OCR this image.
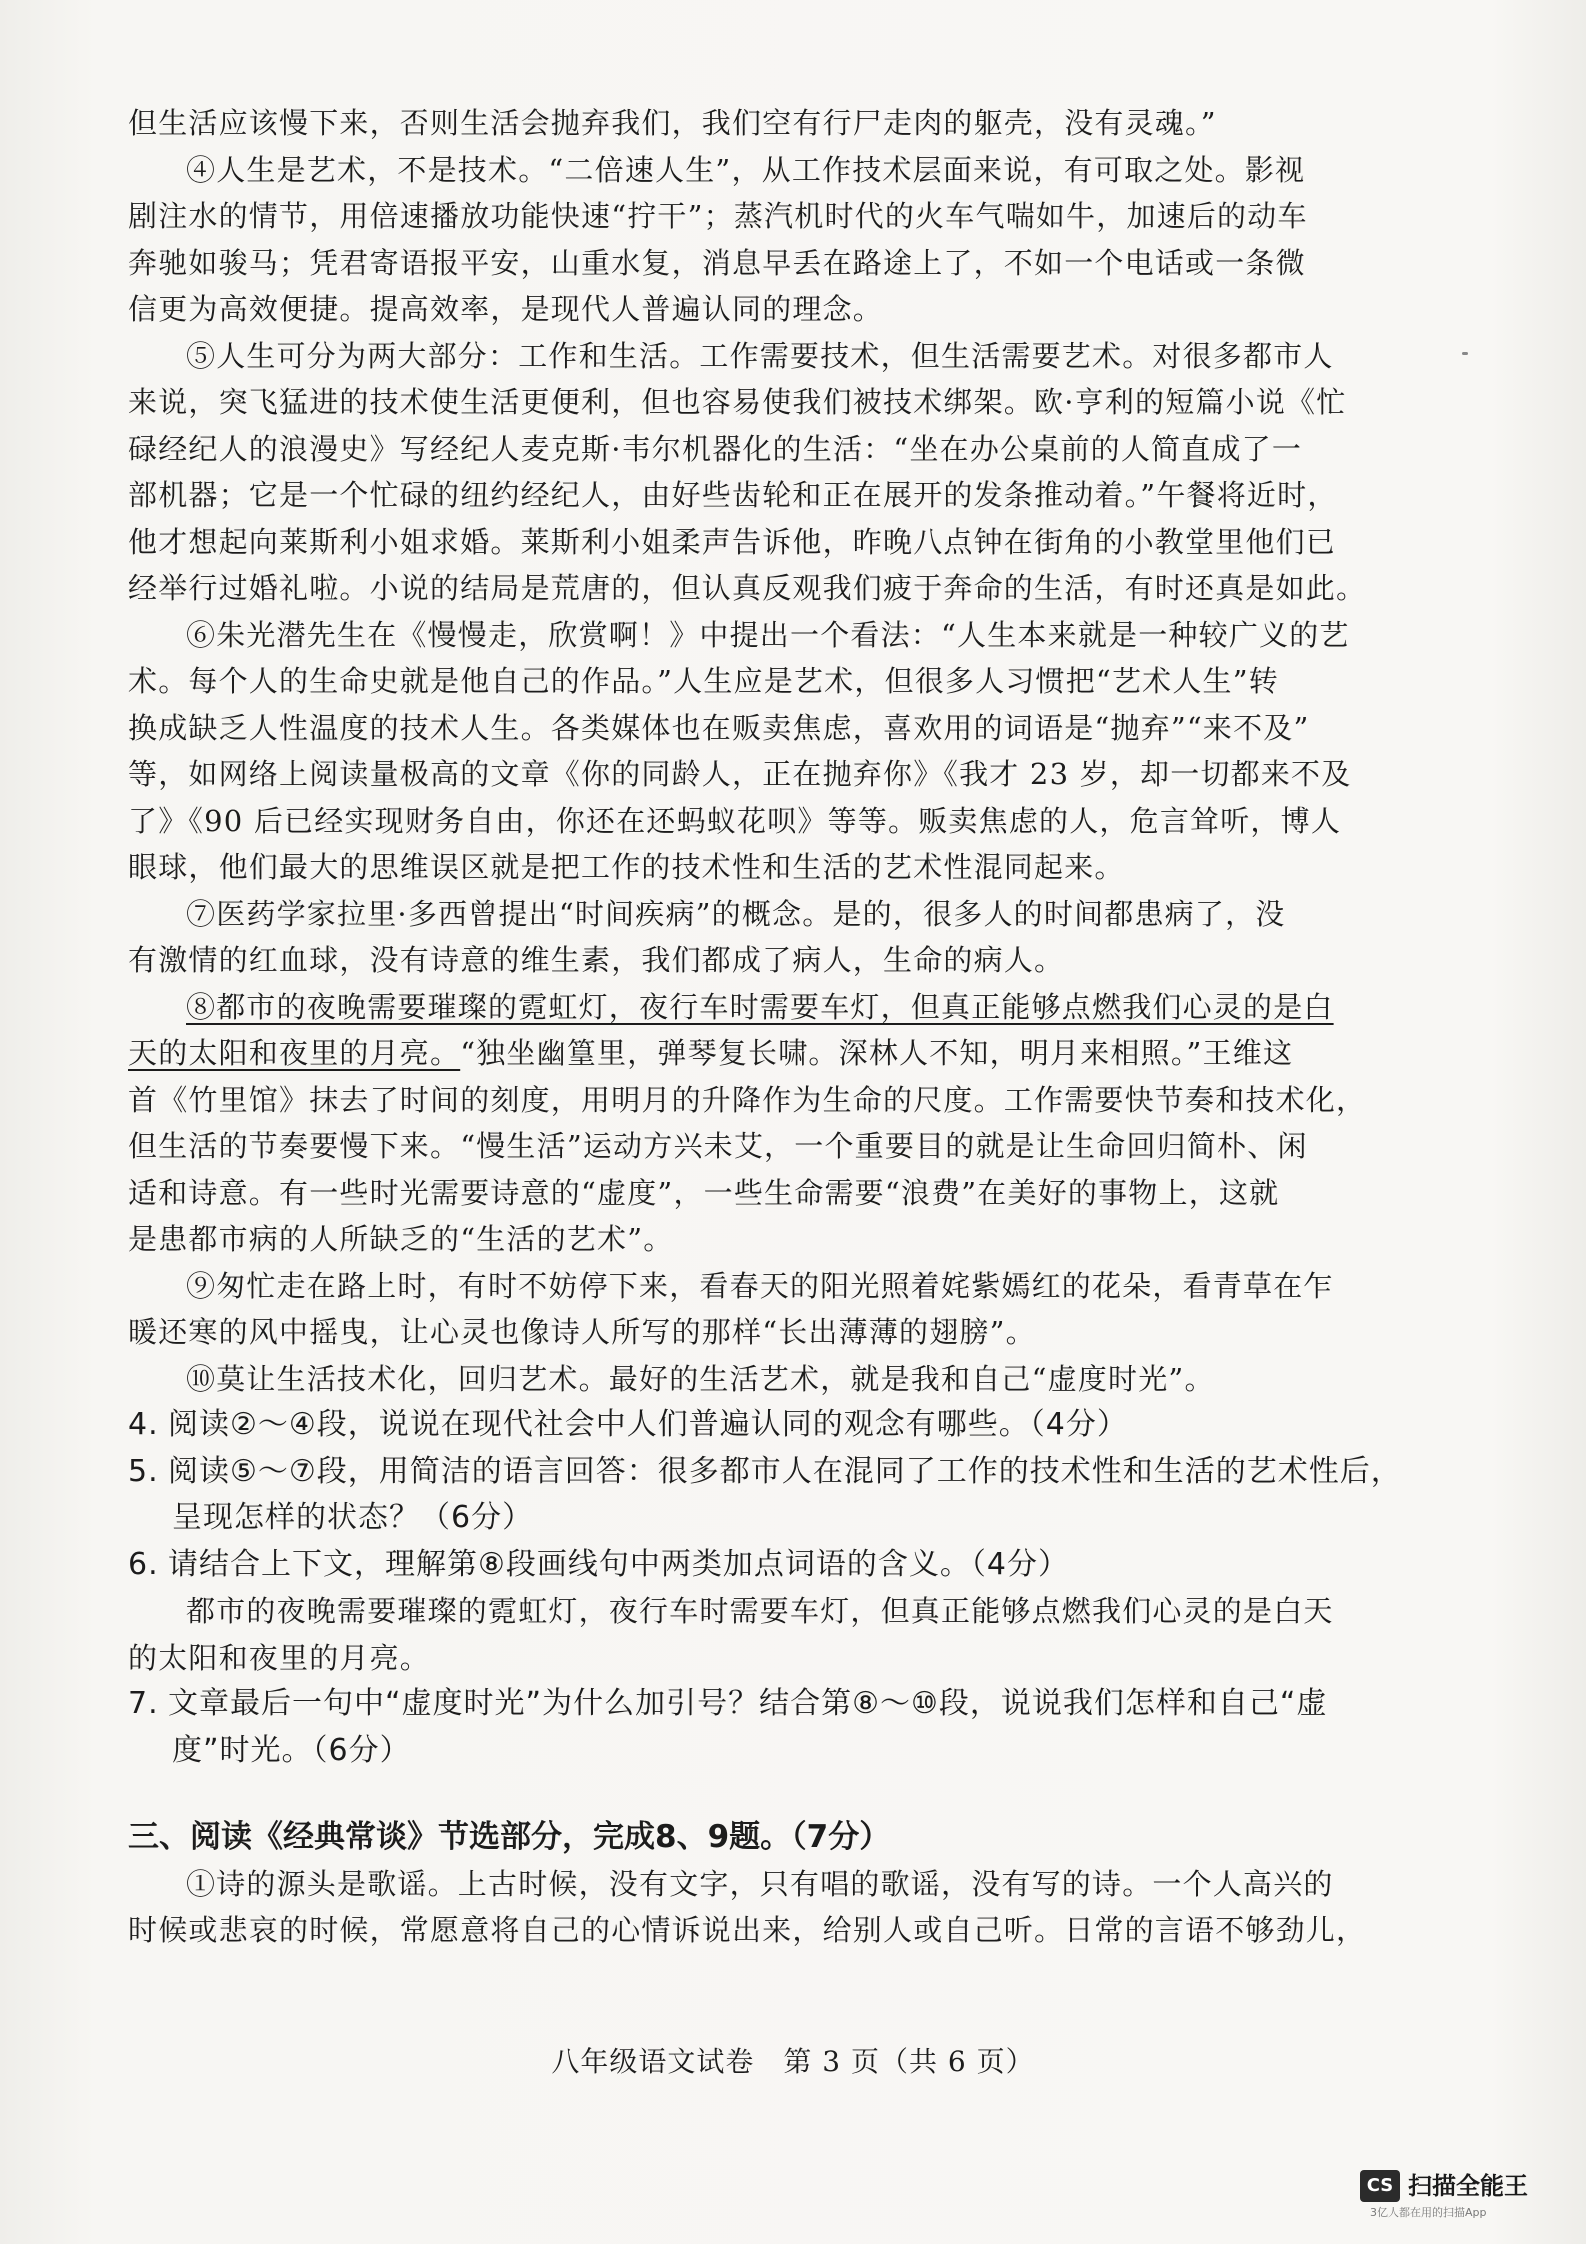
但生活应该慢下来，否则生活会抛弃我们，我们空有行尸走肉的躯壳，没有灵魂。”

④人生是艺术，不是技术。“二倍速人生”，从工作技术层面来说，有可取之处。影视

剧注水的情节，用倍速播放功能快速“拧干”；蒸汽机时代的火车气喘如牛，加速后的动车

奔驰如骏马；凭君寄语报平安，山重水复，消息早丢在路途上了，不如一个电话或一条微

信更为高效便捷。提高效率，是现代人普遍认同的理念。

⑤人生可分为两大部分：工作和生活。工作需要技术，但生活需要艺术。对很多都市人

来说，突飞猛进的技术使生活更便利，但也容易使我们被技术绑架。欧·亨利的短篇小说《忙

碌经纪人的浪漫史》写经纪人麦克斯·韦尔机器化的生活：“坐在办公桌前的人简直成了一

部机器；它是一个忙碌的纽约经纪人，由好些齿轮和正在展开的发条推动着。”午餐将近时，

他才想起向莱斯利小姐求婚。莱斯利小姐柔声告诉他，昨晚八点钟在街角的小教堂里他们已

经举行过婚礼啦。小说的结局是荒唐的，但认真反观我们疲于奔命的生活，有时还真是如此。

⑥朱光潜先生在《慢慢走，欣赏啊！》中提出一个看法：“人生本来就是一种较广义的艺

术。每个人的生命史就是他自己的作品。”人生应是艺术，但很多人习惯把“艺术人生”转

换成缺乏人性温度的技术人生。各类媒体也在贩卖焦虑，喜欢用的词语是“抛弃”“来不及”

等，如网络上阅读量极高的文章《你的同龄人，正在抛弃你》《我才 23 岁，却一切都来不及

了》《90 后已经实现财务自由，你还在还蚂蚁花呗》等等。贩卖焦虑的人，危言耸听，博人

眼球，他们最大的思维误区就是把工作的技术性和生活的艺术性混同起来。

⑦医药学家拉里·多西曾提出“时间疾病”的概念。是的，很多人的时间都患病了，没

有激情的红血球，没有诗意的维生素，我们都成了病人，生命的病人。

⑧都市的夜晚需要璀璨的霓虹灯，夜行车时需要车灯，但真正能够点燃我们心灵的是白

天的太阳和夜里的月亮。“独坐幽篁里，弹琴复长啸。深林人不知，明月来相照。”王维这

首《竹里馆》抹去了时间的刻度，用明月的升降作为生命的尺度。工作需要快节奏和技术化，

但生活的节奏要慢下来。“慢生活”运动方兴未艾，一个重要目的就是让生命回归简朴、闲

适和诗意。有一些时光需要诗意的“虚度”，一些生命需要“浪费”在美好的事物上，这就

是患都市病的人所缺乏的“生活的艺术”。

⑨匆忙走在路上时，有时不妨停下来，看春天的阳光照着姹紫嫣红的花朵，看青草在乍

暖还寒的风中摇曳，让心灵也像诗人所写的那样“长出薄薄的翅膀”。

⑩莫让生活技术化，回归艺术。最好的生活艺术，就是我和自己“虚度时光”。

4. 阅读②～④段，说说在现代社会中人们普遍认同的观念有哪些。（4分）

5. 阅读⑤～⑦段，用简洁的语言回答：很多都市人在混同了工作的技术性和生活的艺术性后，

呈现怎样的状态？（6分）

6. 请结合上下文，理解第⑧段画线句中两类加点词语的含义。（4分）

都市的夜晚需要璀璨的霓虹灯，夜行车时需要车灯，但真正能够点燃我们心灵的是白天

的太阳和夜里的月亮。

7. 文章最后一句中“虚度时光”为什么加引号？结合第⑧～⑩段，说说我们怎样和自己“虚

度”时光。（6分）

三、阅读《经典常谈》节选部分，完成8、9题。（7分）

①诗的源头是歌谣。上古时候，没有文字，只有唱的歌谣，没有写的诗。一个人高兴的

时候或悲哀的时候，常愿意将自己的心情诉说出来，给别人或自己听。日常的言语不够劲儿，

八年级语文试卷　第 3 页（共 6 页）
CS 扫描全能王
3亿人都在用的扫描App
